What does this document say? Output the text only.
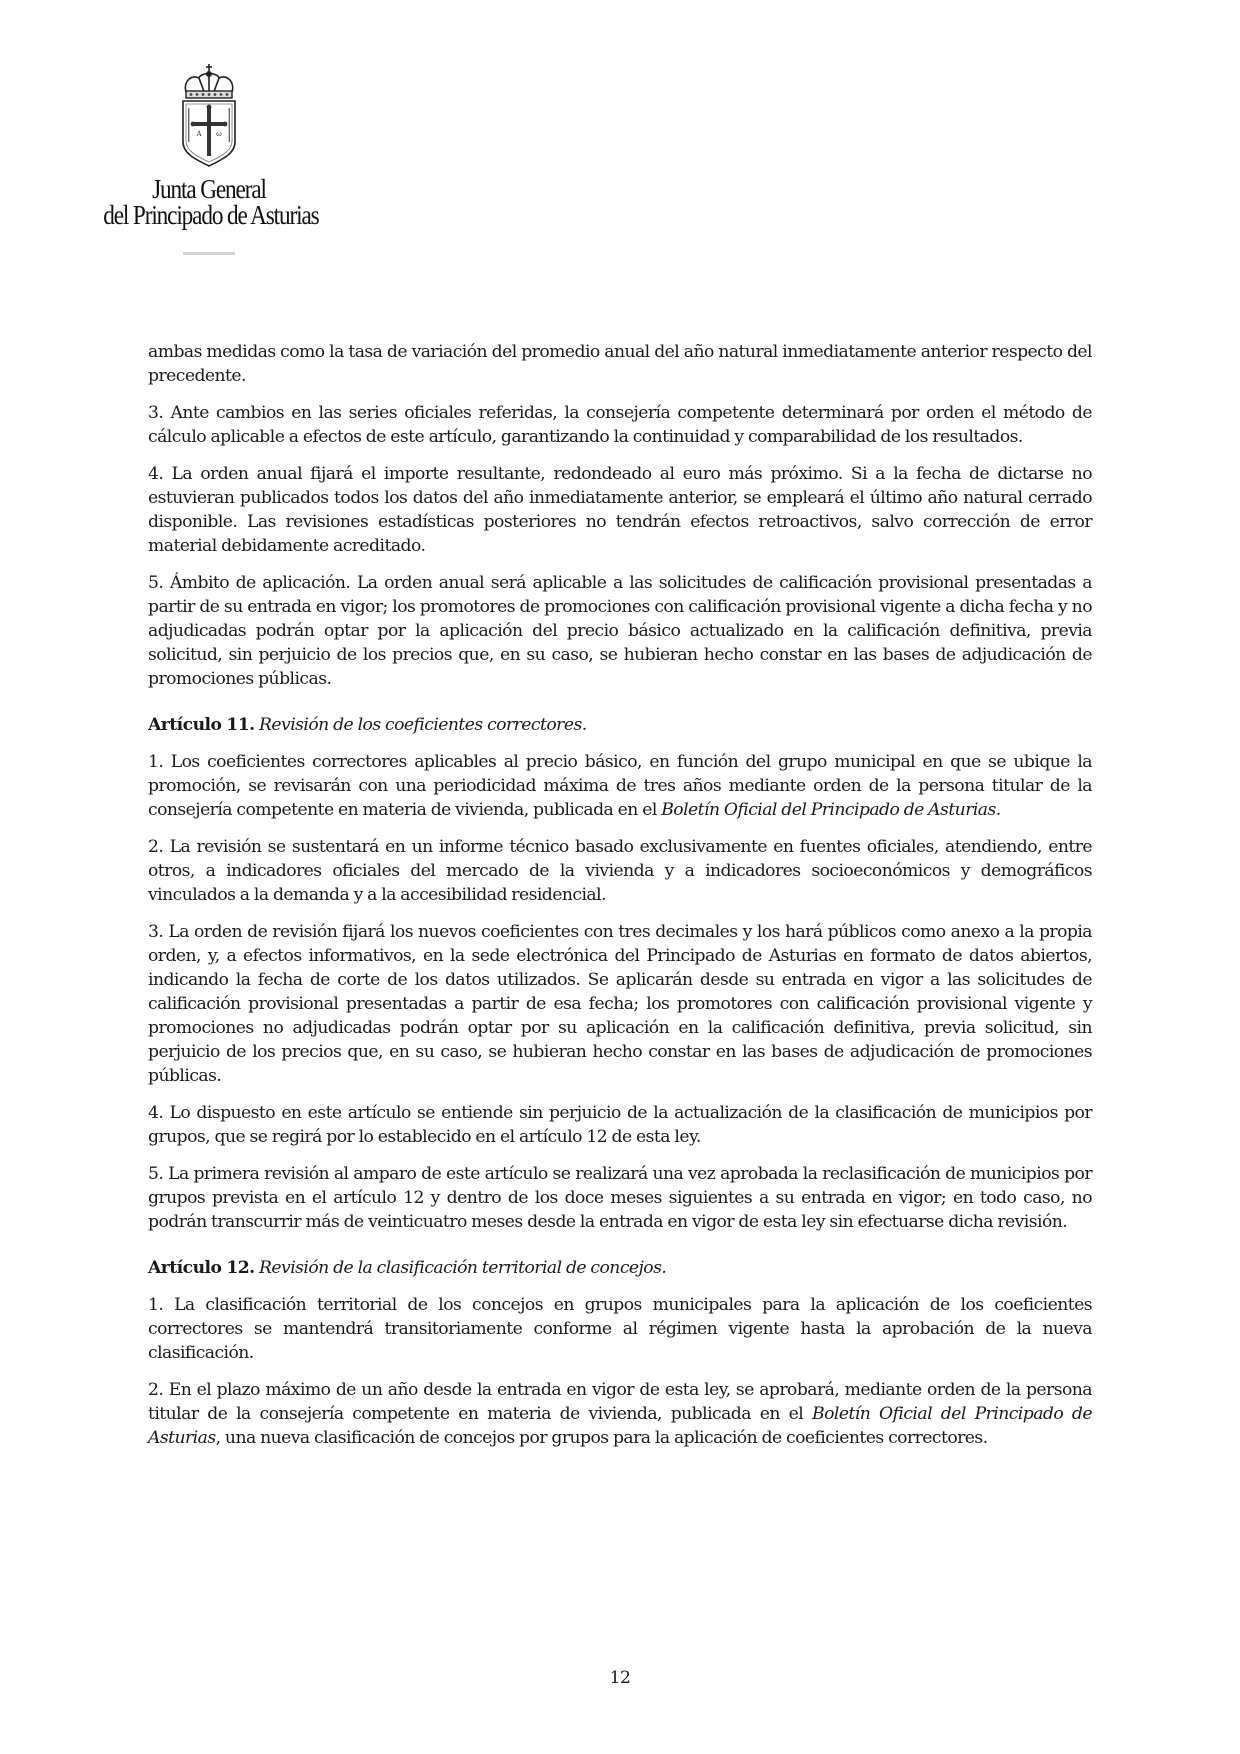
A ω
Junta General
del Principado de Asturias

ambas medidas como la tasa de variación del promedio anual del año natural inmediatamente anterior respecto del precedente.

3. Ante cambios en las series oficiales referidas, la consejería competente determinará por orden el método de cálculo aplicable a efectos de este artículo, garantizando la continuidad y comparabilidad de los resultados.

4. La orden anual fijará el importe resultante, redondeado al euro más próximo. Si a la fecha de dictarse no estuvieran publicados todos los datos del año inmediatamente anterior, se empleará el último año natural cerrado disponible. Las revisiones estadísticas posteriores no tendrán efectos retroactivos, salvo corrección de error material debidamente acreditado.

5. Ámbito de aplicación. La orden anual será aplicable a las solicitudes de calificación provisional presentadas a partir de su entrada en vigor; los promotores de promociones con calificación provisional vigente a dicha fecha y no adjudicadas podrán optar por la aplicación del precio básico actualizado en la calificación definitiva, previa solicitud, sin perjuicio de los precios que, en su caso, se hubieran hecho constar en las bases de adjudicación de promociones públicas.

Artículo 11. Revisión de los coeficientes correctores.

1. Los coeficientes correctores aplicables al precio básico, en función del grupo municipal en que se ubique la promoción, se revisarán con una periodicidad máxima de tres años mediante orden de la persona titular de la consejería competente en materia de vivienda, publicada en el Boletín Oficial del Principado de Asturias.

2. La revisión se sustentará en un informe técnico basado exclusivamente en fuentes oficiales, atendiendo, entre otros, a indicadores oficiales del mercado de la vivienda y a indicadores socioeconómicos y demográficos vinculados a la demanda y a la accesibilidad residencial.

3. La orden de revisión fijará los nuevos coeficientes con tres decimales y los hará públicos como anexo a la propia orden, y, a efectos informativos, en la sede electrónica del Principado de Asturias en formato de datos abiertos, indicando la fecha de corte de los datos utilizados. Se aplicarán desde su entrada en vigor a las solicitudes de calificación provisional presentadas a partir de esa fecha; los promotores con calificación provisional vigente y promociones no adjudicadas podrán optar por su aplicación en la calificación definitiva, previa solicitud, sin perjuicio de los precios que, en su caso, se hubieran hecho constar en las bases de adjudicación de promociones públicas.

4. Lo dispuesto en este artículo se entiende sin perjuicio de la actualización de la clasificación de municipios por grupos, que se regirá por lo establecido en el artículo 12 de esta ley.

5. La primera revisión al amparo de este artículo se realizará una vez aprobada la reclasificación de municipios por grupos prevista en el artículo 12 y dentro de los doce meses siguientes a su entrada en vigor; en todo caso, no podrán transcurrir más de veinticuatro meses desde la entrada en vigor de esta ley sin efectuarse dicha revisión.

Artículo 12. Revisión de la clasificación territorial de concejos.

1. La clasificación territorial de los concejos en grupos municipales para la aplicación de los coeficientes correctores se mantendrá transitoriamente conforme al régimen vigente hasta la aprobación de la nueva clasificación.

2. En el plazo máximo de un año desde la entrada en vigor de esta ley, se aprobará, mediante orden de la persona titular de la consejería competente en materia de vivienda, publicada en el Boletín Oficial del Principado de Asturias, una nueva clasificación de concejos por grupos para la aplicación de coeficientes correctores.

12
